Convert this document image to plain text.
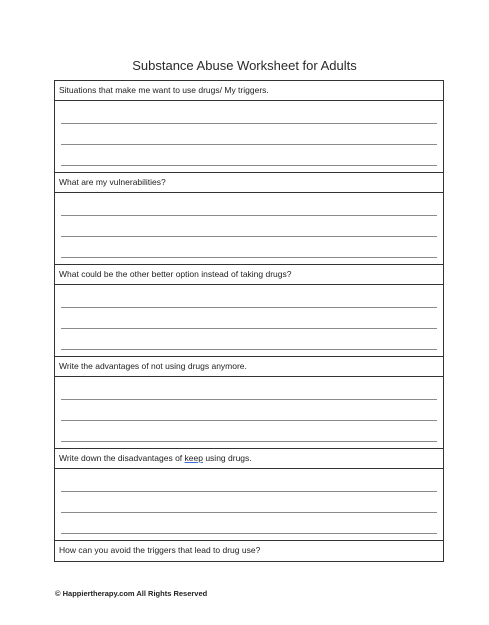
Substance Abuse Worksheet for Adults
Situations that make me want to use drugs/ My triggers.
What are my vulnerabilities?
What could be the other better option instead of taking drugs?
Write the advantages of not using drugs anymore.
Write down the disadvantages of keep using drugs.
How can you avoid the triggers that lead to drug use?
© Happiertherapy.com All Rights Reserved
